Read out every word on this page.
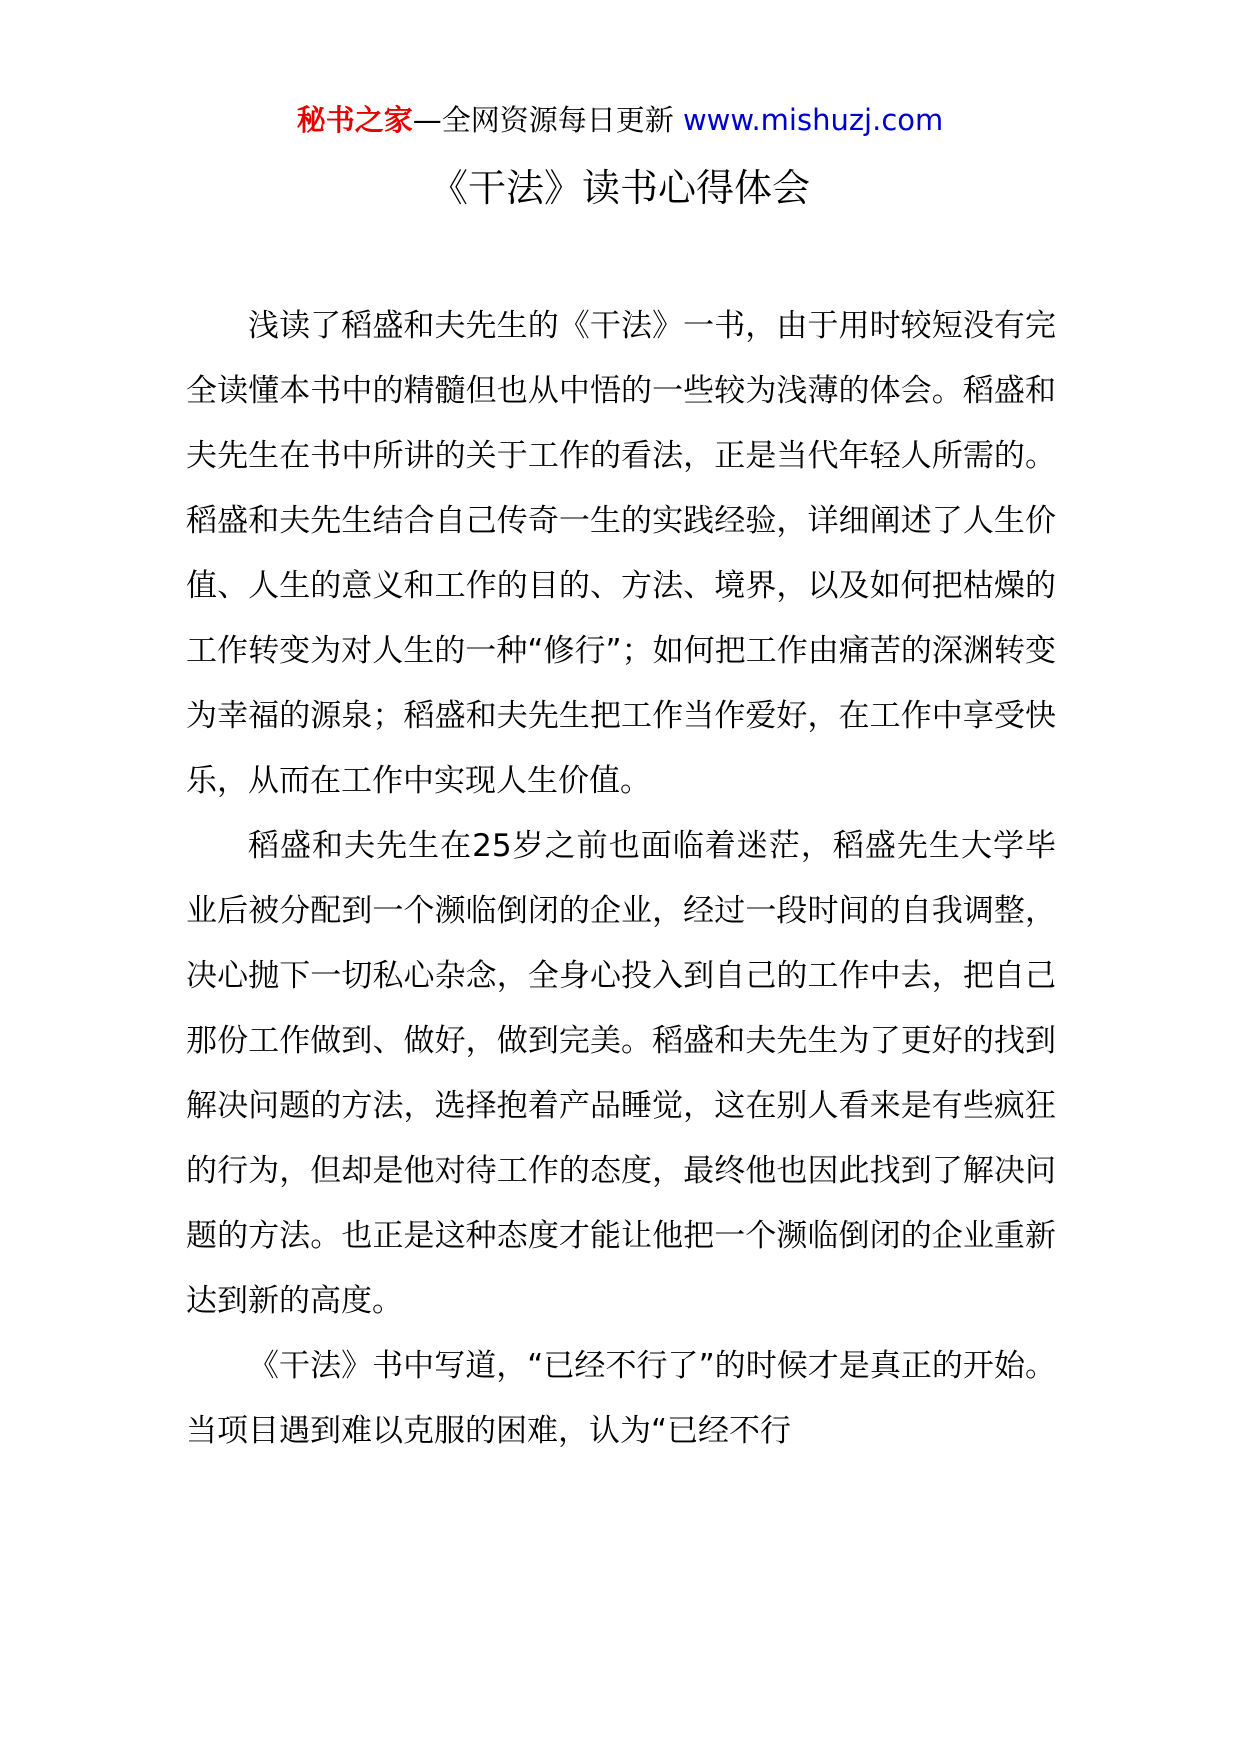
秘书之家—全网资源每日更新 www.mishuzj.com
《干法》读书心得体会

浅读了稻盛和夫先生的《干法》一书，由于用时较短没有完全读懂本书中的精髓但也从中悟的一些较为浅薄的体会。稻盛和夫先生在书中所讲的关于工作的看法，正是当代年轻人所需的。稻盛和夫先生结合自己传奇一生的实践经验，详细阐述了人生价值、人生的意义和工作的目的、方法、境界，以及如何把枯燥的工作转变为对人生的一种“修行”；如何把工作由痛苦的深渊转变为幸福的源泉；稻盛和夫先生把工作当作爱好，在工作中享受快乐，从而在工作中实现人生价值。

稻盛和夫先生在25岁之前也面临着迷茫，稻盛先生大学毕业后被分配到一个濒临倒闭的企业，经过一段时间的自我调整，决心抛下一切私心杂念，全身心投入到自己的工作中去，把自己那份工作做到、做好，做到完美。稻盛和夫先生为了更好的找到解决问题的方法，选择抱着产品睡觉，这在别人看来是有些疯狂的行为，但却是他对待工作的态度，最终他也因此找到了解决问题的方法。也正是这种态度才能让他把一个濒临倒闭的企业重新达到新的高度。

《干法》书中写道，“已经不行了”的时候才是真正的开始。当项目遇到难以克服的困难，认为“已经不行
